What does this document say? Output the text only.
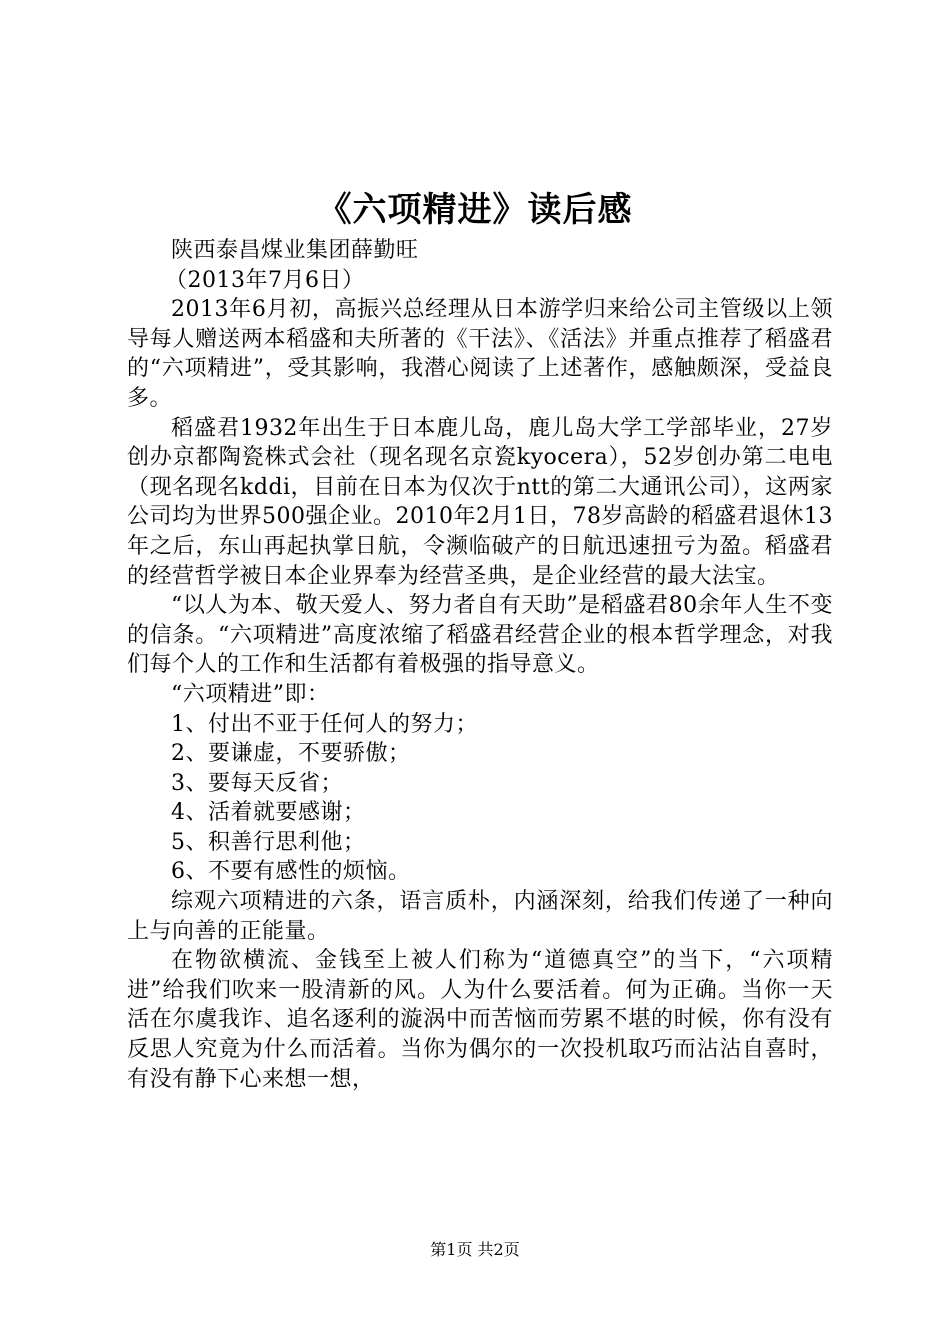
《六项精进》读后感

陕西泰昌煤业集团薛勤旺

（2013年7月6日）

2013年6月初，高振兴总经理从日本游学归来给公司主管级以上领导每人赠送两本稻盛和夫所著的《干法》、《活法》并重点推荐了稻盛君的“六项精进”，受其影响，我潜心阅读了上述著作，感触颇深，受益良多。

稻盛君1932年出生于日本鹿儿岛，鹿儿岛大学工学部毕业，27岁创办京都陶瓷株式会社（现名现名京瓷kyocera），52岁创办第二电电（现名现名kddi，目前在日本为仅次于ntt的第二大通讯公司），这两家公司均为世界500强企业。2010年2月1日，78岁高龄的稻盛君退休13年之后，东山再起执掌日航，令濒临破产的日航迅速扭亏为盈。稻盛君的经营哲学被日本企业界奉为经营圣典，是企业经营的最大法宝。

“以人为本、敬天爱人、努力者自有天助”是稻盛君80余年人生不变的信条。“六项精进”高度浓缩了稻盛君经营企业的根本哲学理念，对我们每个人的工作和生活都有着极强的指导意义。

“六项精进”即：

1、付出不亚于任何人的努力；

2、要谦虚，不要骄傲；

3、要每天反省；

4、活着就要感谢；

5、积善行思利他；

6、不要有感性的烦恼。

综观六项精进的六条，语言质朴，内涵深刻，给我们传递了一种向上与向善的正能量。

在物欲横流、金钱至上被人们称为“道德真空”的当下，“六项精进”给我们吹来一股清新的风。人为什么要活着。何为正确。当你一天活在尔虞我诈、追名逐利的漩涡中而苦恼而劳累不堪的时候，你有没有反思人究竟为什么而活着。当你为偶尔的一次投机取巧而沾沾自喜时，有没有静下心来想一想，

第1页 共2页
